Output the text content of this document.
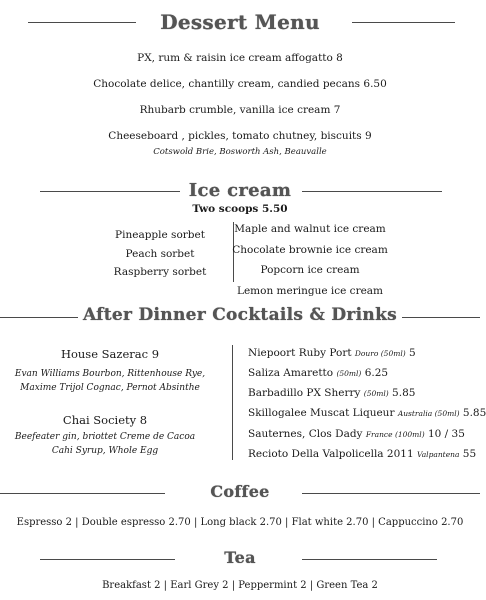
Dessert Menu
PX, rum & raisin ice cream affogatto 8
Chocolate delice, chantilly cream, candied pecans 6.50
Rhubarb crumble, vanilla ice cream 7
Cheeseboard , pickles, tomato chutney, biscuits 9
Cotswold Brie, Bosworth Ash, Beauvalle
Ice cream
Two scoops 5.50
Pineapple sorbet
Peach sorbet
Raspberry sorbet
Maple and walnut ice cream
Chocolate brownie ice cream
Popcorn ice cream
Lemon meringue ice cream
After Dinner Cocktails & Drinks
House Sazerac 9
Evan Williams Bourbon, Rittenhouse Rye,
Maxime Trijol Cognac, Pernot Absinthe
Chai Society 8
Beefeater gin, briottet Creme de Cacoa
Cahi Syrup, Whole Egg
Niepoort Ruby Port Douro (50ml) 5
Saliza Amaretto (50ml) 6.25
Barbadillo PX Sherry (50ml) 5.85
Skillogalee Muscat Liqueur Australia (50ml) 5.85
Sauternes, Clos Dady France (100ml) 10 / 35
Recioto Della Valpolicella 2011 Valpantena 55
Coffee
Espresso 2 | Double espresso 2.70 | Long black 2.70 | Flat white 2.70 | Cappuccino 2.70
Tea
Breakfast 2 | Earl Grey 2 | Peppermint 2 | Green Tea 2
